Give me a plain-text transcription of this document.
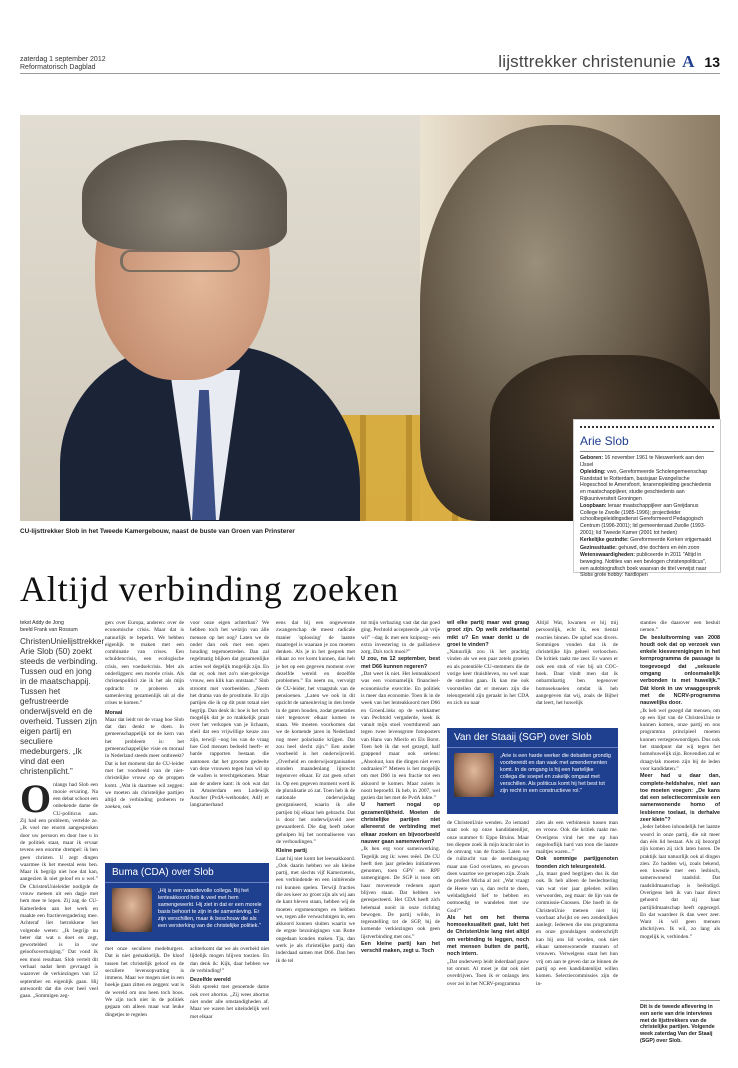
zaterdag 1 september 2012
Reformatorisch Dagblad	lijsttrekker christenunie A 13
CU-lijsttrekker Slob in het Tweede Kamergebouw, naast de buste van Groen van Prinsterer
Arie Slob

Geboren: 16 november 1961 te Nieuwerkerk aan den IJssel

Opleiding: vwo, Gereformeerde Scholengemeenschap Randstad te Rotterdam, basisjaar Evangelische Hogeschool te Amersfoort, lerarenopleiding geschiedenis en maatschappijleer, studie geschiedenis aan Rijksuniversiteit Groningen

Loopbaan: leraar maatschappijleer aan Greijdanus College te Zwolle (1985-1996); projectleider schoolbegeleidingsdienst Gereformeerd Pedagogisch Centrum (1996-2001); lid gemeenteraad Zwolle (1993-2001); lid Tweede Kamer (2001 tot heden)

Kerkelijke gezindte: Gereformeerde Kerken vrijgemaakt

Gezinssituatie: gehuwd, drie dochters en één zoon

Wetenswaardigheden: publiceerde in 2011 "Altijd in beweging. Notities van een bevlogen christenpoliticus", een autobiografisch boek waarvan de titel verwijst naar Slobs grote hobby: hardlopen

Altijd verbinding zoeken
tekst Addy de Jong
beeld Frank van Rossum
ChristenUnielijsttrekker Arie Slob (50) zoekt steeds de verbinding. Tussen oud en jong in de maatschappij. Tussen het gefrustreerde onderwijsveld en de overheid. Tussen zijn eigen partij en seculiere medeburgers. „Ik vind dat een christenplicht.”

Onlangs had Slob een mooie ervaring. Na een debat schoot een onbekende dame de CU-politicus aan. Zij had een probleem, vertelde ze. „Ik voel me enorm aangesproken door uw persoon en door hoe u in de politiek staat, maar ik ervaar tevens een enorme drempel: ik ben geen christen. U zegt dingen waarmee ik het meestal eens ben. Maar ik begrijp niet hoe dat kan, aangezien ik niet geloof en u wel.” De ChristenUnieleider nodigde de vrouw meteen uit een dagje met hem mee te lopen. Zij zag de CU-Kamerleden aan het werk en maakte een fractievergadering mee. Achteraf liet betrokkene het volgende weten: „Ik begrijp nu beter dat wat u doet en zegt, gewortelded is in uw geloofsovertuiging.” Dat vond ik een mooi resultaat. Slob vertelt dit verhaal nadat hem gevraagd is waarover de verkiezingen van 12 september en eigenlijk gaan. Hij antwoordt dat die over heel veel gaan. „Sommigen zeg-

gen: over Europa, anderen: over de economische crisis. Maar dat is natuurlijk te beperkt. We hebben eigenlijk te maken met een combinatie van crises. Een schuldencrisis, een ecologische crisis, een voedselcrisis. Met als onderliggers: een morele crisis. Als christenpolitici zie ik het als mijn opdracht te proberen als samenleving gezamenlijk uit al die crises te komen.”

Moraal

Maar dat leidt tot de vraag hoe Slob dat dan denkt te doen. In gemeenschappelijk tot de kern van het probleem is: het gemeenschappelijke visie en moraal in Nederland steeds meer ontbreekt? Dat is het moment dat de CU-leider met het voorbeeld van de niet-christelijke vrouw op de proppen komt. „Wat ik daarmee wil zeggen: we moeten als christelijke partijen altijd de verbinding proberen te zoeken, ook

met onze seculiere medeburgers. Dat is niet gemakkelijk. De kloof tussen het christelijk geloof en de seculiere levensopvatting is immens. Maar we mogen niet in een hoekje gaan zitten en zeggen: wat is de wereld om ons heen toch boos. We zijn toch niet in de politiek gegaan om alleen maar wat leuke dingetjes te regelen

voor onze eigen achterban? We hebben toch het welzijn van álle mensen op het oog? Laten we de onder dan ook met een open houding tegemoetreden. Dan zal regelmatig blijken dat gezamenlijke acties wel degelijk mogelijk zijn. En dat er, ook met zo'n niet-gelovige vrouw, een klik kan ontstaan.” Slob stroomt met voorbeelden. „Neem het drama van de prostitutie. Er zijn partijen die ik op dit punt totaal niet begrijp. Dan denk ik: hoe is het toch mogelijk dat je zo makkelijk praat over het verkopen van je lichaam, sheil dat een vrijwillige keuze zou zijn, terwijl –nog los van de vraag hoe God mensen bedoeld heeft– er harde rapporten bestaan die aantonen dat het grootste gedeelte van deze vrouwen tegen hun wil op de wallen is terechtgekomen. Maar aan de andere kant: ik ook wat dat in Amsterdam een Lodewijk Asscher (PvdA-wethouder, AdJ) er langzamerhand

achterkomt dat we als overheid niet lijdelijk mogen blijven toezien. En dan denk ik: Kijk, daar hebben we de verbinding!”

Dezelfde wereld

Slob spreekt met genoemde dame ook over abortus. „Zij wees abortus niet onder alle omstandigheden af. Maar we waren het uiteindelijk wel met elkaar

Buma (CDA) over Slob
„ Hij is een waardevolle collega. Bij het lenteakkoord heb ik veel met hem samengewerkt. Hij ziet in dat er een morele basis behoort te zijn in de samenleving. Er zijn verschillen, maar ik beschouw die als een versterking van de christelijke politiek.”

eens dat bij een ongewenste zwangerschap de meest radicale manier 'oplossing' de laatste maatregel is waaraan je zou moeten denken. Als je in het gesprek met elkaar zo ver komt kunnen, dan heb je het op een gegeven moment over dezelfde wereld en dezelfde problemen.” En neem nu, vervolgt de CU-leider, het vraagstuk van de pensioenen. „Laten we ook in dit opzicht de samenleving in den brede in de gaten houden, zodat generaties niet tegenover elkaar komen te staan. We moeten voorkomen dat we de komende jaren in Nederland nog meer polarisatie krijgen. Dat zou heel slecht zijn.” Een ander voorbeeld is het onderwijsveld. „Overheid en onderwijsorganisaties stonden maandenlang lijnrecht tegenover elkaar. Er zat geen schot in. Op een gegeven moment werd ik de pluralisatie zó zat. Toen heb ik de nationale onderwijsdag georganiseerd, waarin ik alle partijen bij elkaar heb gebracht. Dat is door het onderwijsveld zeer gewaardeerd. Die dag heeft zeker geholpen bij het normaliseren van de verhoudingen.”

Kleine partij

Laat hij niet komt het leensakkoord. „Ook daarin hebben we als kleine partij, met slechts vijf Kamerzetels, een verbindende en een initiërende rol kunnen spelen. Terwijl fracties die zes keer zo groot zijn als wij aan de kant bleven staan, hebben wij de moeten ergsmenomgen en hebben we, tegen alle verwachtingen in, een akkoord kunnen sluiten waarin we de ergste bezuinigingen van Rutte ongedaan konden maken. Tja, dan werk je als christelijke partij dan inderdaad samen met D66. Dan ben ik de tel

tot mijn verbazing vast dat dat goed ging. Pechtold accepteerde „uit vrije wil” –dag ik met een knipoog– een extra investering in de palliatieve zorg. Da's toch mooi?”

U zou, na 12 september, best met D66 kunnen regeren?

„Dat weet ik niet. Het lenteakkoord was een voornamelijk financieel-economische exercitie. En politiek is meer dan economie. Toen ik in de week van het lenteakkoord met D66 en GroenLinks op de werkkamer van Pechtold vergaderde, keek ik vanuit mijn stoel voortdurend aan tegen twee levensgrote fotoposters van Hans van Mierlo en Els Borst. Toen heb ik dat wel gezegd, half grappend maar ook serieus: „Absoluut, kun die dingen niet even ondraaien?” Meteen is het mogelijk om met D66 in een fractie tot een akkoord te komen. Maar zoiets is nooit beproefd. Ik heb, in 2007, wel gezien dat het met de PvdA lukte.”

U hamert nogal op gezamenlijkheid. Moeten de christelijke partijen niet allereerst de verbinding met elkaar zoeken en bijvoorbeeld nauwer gaan samenwerken?

„Ik ben erg voor samenwerking. Tegelijk zeg ik: wees reëel. De CU heeft tien jaar geleden initiatieven genomen, toen GPV en RPF samengingen. De SGP is toen om haar moverende redenen apart blijven staan. Dat hebben we gerespecteerd. Het CDA heeft zich helemaal nooit in onze richting bewogen. De partij wilde, in tegenstelling tot de SGP, bij de komende verkiezingen ook geen lijstverbinding met ons.”

Een kleine partij kan het verschil maken, zegt u. Toch

wil elke partij maar wat graag groot zijn. Op welk zeteltaantal mikt u? En waar denkt u de groei te vinden?

„Natuurlijk zou ik het prachtig vinden als we een paar zetels groeien en als potentiële CU-stemmers die de vorige keer thuisbleven, nu wel naar de stembus gaan. Ik kan me ook voorstellen dat er mensen zijn die teleurgesteld zijn geraakt in het CDA en zich nu naar

de ChristenUnie wenden. Zo iemand staat ook op onze kandidatenlijst, onze nummer 6: Eppo Bruins. Maar ten diepste zoek ik mijn kracht niet in de omvang van de fractie. Laten we de ruilzucht van de stembusgang maar aan God overlaten, en gewoon doen waartoe we geroepen zijn. Zoals de profeet Micha al zei: „Wat vraagt de Heere van u, dan recht te doen, weldadigheid lief te hebben en ootmoedig te wandelen met uw God?”

Als het om het thema homoseksualiteit gaat, lukt het de ChristenUnie lang niet altijd om verbinding te leggen, noch met mensen buiten de partij, noch intern.

„Dat onderwerp leidt inderdaad gauw tot onrust. Al moet je dat ook niet overdrijven. Toen ik er onlangs iets over zei in het NCRV-programma

Altijd Wat, kwamen er bij mij persoonlijk, echt ík, een tiental reacties binnen. De ophef was divers. Sommigen vonden dat ik de christelijke lijn geheel verloochen. De kritiek raakt me zeer. Er waren er ook een stuk of vier bij uit COC-hoek. Daar vindt men dat ik onbarmhartig ben tegenover homoseksuelen omdat ik heb aangegeven dat wij, zoals de Bijbel dat leert, het huwelijk

zien als een verbintenis tussen man en vrouw. Ook die kritiek raakt me. Overigens vind het me op hun ongelooflijk hard van toon die laatste mailtjes waren...”

Ook sommige partijgenoten toonden zich teleurgesteld.

„Ja, maar goed begrijpen dus ik dat ook. Ik heb alleen de beslechtering van wat vier jaar geleden willen verwoorden, zeg maar: de lijn van de commissie-Cnossen. Die hoeft in de ChristenUnie meteen niet bij voorbaat afwijkt en een zendenlijkes aanlegt. Iedereen die ons programma en onze grondslagen onderschrijft kan bij ons lid worden, ook niet elkaar samenwonende mannen of vrouwen. Verwelgens staat het hun vrij om aan te geven dat ze binnen de partij op een kandidatenlijst willen komen. Selectiecommissies zijn de in-

Van der Staaij (SGP) over Slob
„ Arie is een harde werker die debatten grondig voorbereidt en dan vaak met amendementen komt. In de omgang is hij een hartelijke collega die soepel en zakelijk omgaat met verschillen. Als politicus komt hij het best tot zijn recht in een constructieve rol.”

stanties die daarover een besluit nemen.”

De besluitvorming van 2008 houdt ook dat op verzoek van enkele kiesverenigingen in het kernprogramma de passage is toegevoegd dat „seksuele omgang onlosmakelijk verbonden is met huwelijk.” Dát klonk in uw vraaggesprek met de NCRV-programma nauwelijks door.

„Ik heb wel gezegd dat mensen, om op een lijst van de ChristenUnie te kunnen komen, onze partij en ons programma principieel moeten kunnen vertegenwoordigen. Dus ook het standpunt dat wij tegen het homohuwelijk zijn. Bovendien zal er draagvlak moeten zijn bij de leden voor kandidaten.”

Meer had u daar dan, complete-heldshalve, niet aan toe moeten voegen: „De kans dat een selectiecommissie een samenwonende homo of lesbienne toelaat, is derhalve zeer klein”?

„Ieder hebben inhoudelijk het laatste woord in onze partij, die uit meer dan één lid bestaat. Als zij bezorgd zijn komen zij zich laten horen. De praktijk laat natuurlijk ook al dingen zien. Zo hadden wij, zoals bekend, een kwestie met een lesbisch, samenwonend raadslid. Dat raadslidmaatschap is beëindigd. Overigens heb ik van haar direct gehoord dat zij haar partijlidmaatschap heeft opgezegd. En dat waardeer ik dan weer zeer. Want ik wil geen mensen afschrijven. Ik wil, zo lang als mogelijk is, verbinden.”

Dit is de tweede aflevering in een serie van drie interviews met de lijsttrekkers van de christelijke partijen. Volgende week zaterdag Van der Staaij (SGP) over Slob.
